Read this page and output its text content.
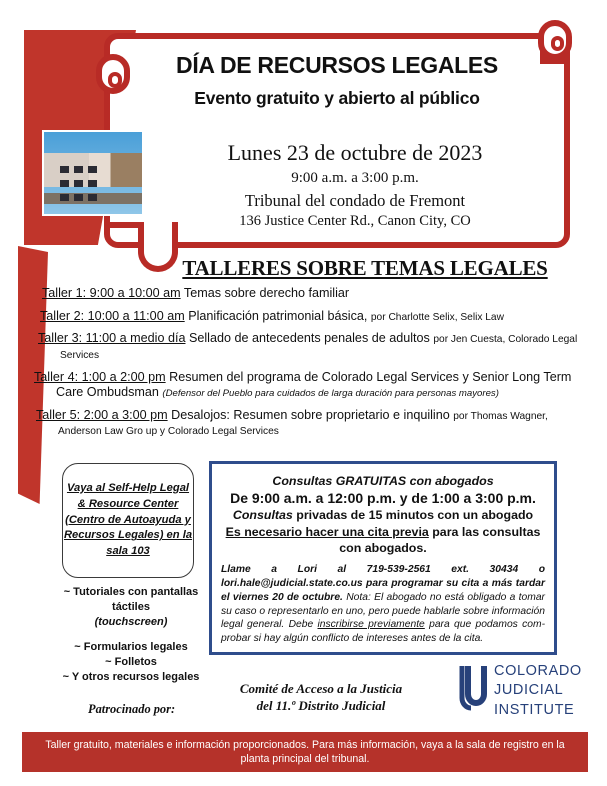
DÍA DE RECURSOS LEGALES
Evento gratuito y abierto al público
Lunes 23 de octubre de 2023
9:00 a.m. a 3:00 p.m.
Tribunal del condado de Fremont
136 Justice Center Rd., Canon City, CO
TALLERES SOBRE TEMAS LEGALES
Taller 1: 9:00 a 10:00 am Temas sobre derecho familiar
Taller 2: 10:00 a 11:00 am Planificación patrimonial básica, por Charlotte Selix, Selix Law
Taller 3: 11:00 a medio día Sellado de antecedents penales de adultos por Jen Cuesta, Colorado Legal Services
Taller 4: 1:00 a 2:00 pm Resumen del programa de Colorado Legal Services y Senior Long Term Care Ombudsman (Defensor del Pueblo para cuidados de larga duración para personas mayores)
Taller 5: 2:00 a 3:00 pm Desalojos: Resumen sobre proprietario e inquilino por Thomas Wagner, Anderson Law Gro up y Colorado Legal Services
Vaya al Self-Help Legal & Resource Center (Centro de Autoayuda y Recursos Legales) en la sala 103
~ Tutoriales con pantallas táctiles
(touchscreen)
~ Formularios legales
~ Folletos
~ Y otros recursos legales
Consultas GRATUITAS con abogados
De 9:00 a.m. a 12:00 p.m. y de 1:00 a 3:00 p.m.
Consultas privadas de 15 minutos con un abogado
Es necesario hacer una cita previa para las consultas con abogados.
Llame a Lori al 719-539-2561 ext. 30434 o lori.hale@judicial.state.co.us para programar su cita a más tardar el viernes 20 de octubre. Nota: El abogado no está obligado a tomar su caso o representarlo en uno, pero puede hablarle sobre información legal general. Debe inscribirse previamente para que podamos com-probar si hay algún conflicto de intereses antes de la cita.
Patrocinado por:
Comité de Acceso a la Justicia
del 11.º Distrito Judicial
COLORADO
JUDICIAL
INSTITUTE
Taller gratuito, materiales e información proporcionados. Para más información, vaya a la sala de registro en la planta principal del tribunal.
